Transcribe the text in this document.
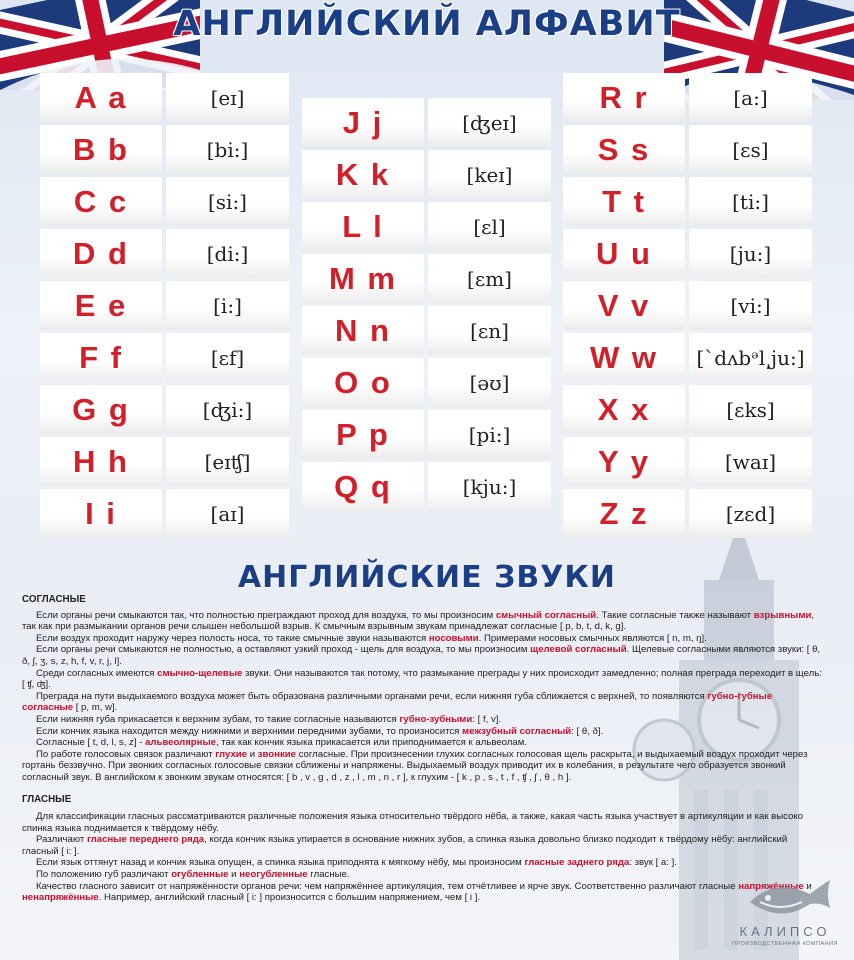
АНГЛИЙСКИЙ АЛФАВИТ
A a	[eɪ]
B b	[bi:]
C c	[si:]
D d	[di:]
E e	[i:]
F f	[ɛf]
G g	[ʤi:]
H h	[eɪʧ]
I i	[aɪ]
J j	[ʤeɪ]
K k	[keɪ]
L l	[ɛl]
M m	[ɛm]
N n	[ɛn]
O o	[əʊ]
P p	[pi:]
Q q	[kju:]
R r	[a:]
S s	[ɛs]
T t	[ti:]
U u	[ju:]
V v	[vi:]
W w	[`dʌbᵊl͵ju:]
X x	[ɛks]
Y y	[waɪ]
Z z	[zɛd]
АНГЛИЙСКИЕ ЗВУКИ
СОГЛАСНЫЕ

Если органы речи смыкаются так, что полностью преграждают проход для воздуха, то мы произносим смычный согласный. Такие согласные также называют взрывными, так как при размыкании органов речи слышен небольшой взрыв. К смычным взрывным звукам принадлежат согласные [ p, b, t, d, k, g].

Если воздух проходит наружу через полость носа, то такие смычные звуки называются носовыми. Примерами носовых смычных являются [ n, m, ŋ].

Если органы речи смыкаются не полностью, а оставляют узкий проход - щель для воздуха, то мы произносим щелевой согласный. Щелевые согласными являются звуки: [ θ, ð, ʃ, ʒ, s, z, h, f, v, r, j, l].

Среди согласных имеются смычно-щелевые звуки. Они называются так потому, что размыкание преграды у них происходит замедленно; полная преграда переходит в щель: [ ʧ, ʤ].

Преграда на пути выдыхаемого воздуха может быть образована различными органами речи, если нижняя губа сближается с верхней, то появляются губно-губные согласные [ p, m, w].

Если нижняя губа прикасается к верхним зубам, то такие согласные называются губно-зубными: [ f, v].

Если кончик языка находится между нижними и верхними передними зубами, то произносится межзубный согласный: [ θ, ð].

Согласные [ t, d, l, s, z] - альвеолярные, так как кончик языка прикасается или приподнимается к альвеолам.

По работе голосовых связок различают глухие и звонкие согласные. При произнесении глухих согласных голосовая щель раскрыта, и выдыхаемый воздух проходит через гортань беззвучно. При звонких согласных голосовые связки сближены и напряжены. Выдыхаемый воздух приводит их в колебания, в результате чего образуется звонкий согласный звук. В английском к звонким звукам относятся: [ b , v , g , d , z , l , m , n , r ], к глухим - [ k , p , s , t , f , ʧ , ʃ , θ , h ].

ГЛАСНЫЕ

Для классификации гласных рассматриваются различные положения языка относительно твёрдого нёба, а также, какая часть языка участвует в артикуляции и как высоко спинка языка поднимается к твёрдому нёбу.

Различают гласные переднего ряда, когда кончик языка упирается в основание нижних зубов, а спинка языка довольно близко подходит к твёрдому нёбу: английский гласный [ i: ].

Если язык оттянут назад и кончик языка опущен, а спинка языка приподнята к мягкому нёбу, мы произносим гласные заднего ряда: звук [ a: ].

По положению губ различают огубленные и неогубленные гласные.

Качество гласного зависит от напряжённости органов речи: чем напряжённее артикуляция, тем отчётливее и ярче звук. Соответственно различают гласные напряжённые и ненапряжённые. Например, английский гласный [ i: ] произносится с большим напряжением, чем [ i ].

КАЛИПСО
ПРОИЗВОДСТВЕННАЯ КОМПАНИЯ
